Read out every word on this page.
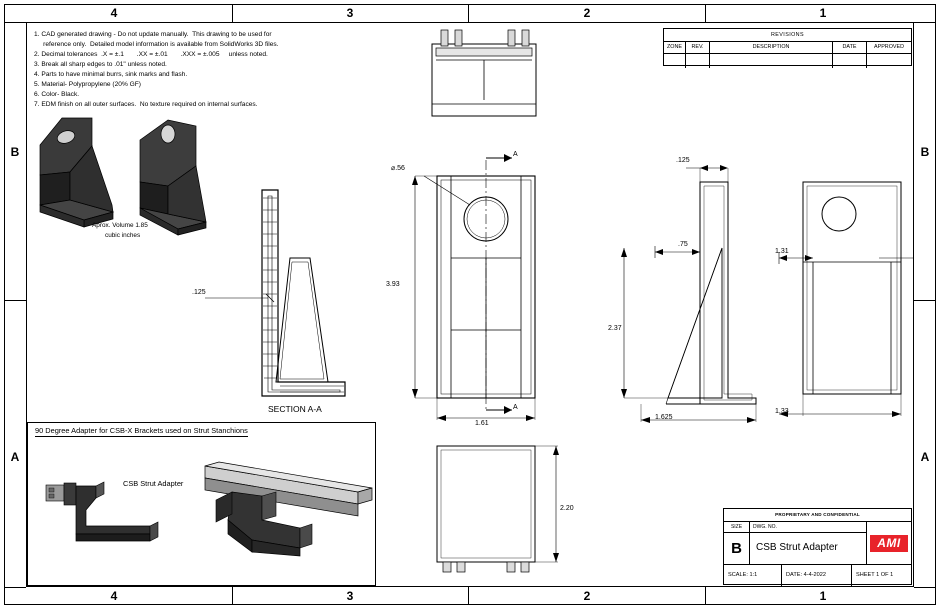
4	3	2	1
4	3	2	1
B	B
A	A
1. CAD generated drawing - Do not update manually.  This drawing to be used for
reference only.  Detailed model information is available from SolidWorks 3D files.
2. Decimal tolerances  .X = ±.1       .XX = ±.01       .XXX = ±.005     unless noted.
3. Break all sharp edges to .01" unless noted.
4. Parts to have minimal burrs, sink marks and flash.
5. Material- Polypropylene (20% GF)
6. Color- Black.
7. EDM finish on all outer surfaces.  No texture required on internal surfaces.
REVISIONS
ZONE	REV.	DESCRIPTION	DATE	APPROVED
Aprox. Volume 1.85
cubic inches
.125
SECTION A-A
⌀.56
A
A
3.93
1.61
.125
.75
2.37
1.625
1.31
1.33
2.20
90 Degree Adapter for CSB-X Brackets used on Strut Stanchions
CSB Strut Adapter
PROPRIETARY AND CONFIDENTIAL
SIZE
B
DWG. NO.
CSB Strut Adapter	AMI
SCALE: 1:1	DATE: 4-4-2022	SHEET 1 OF 1
